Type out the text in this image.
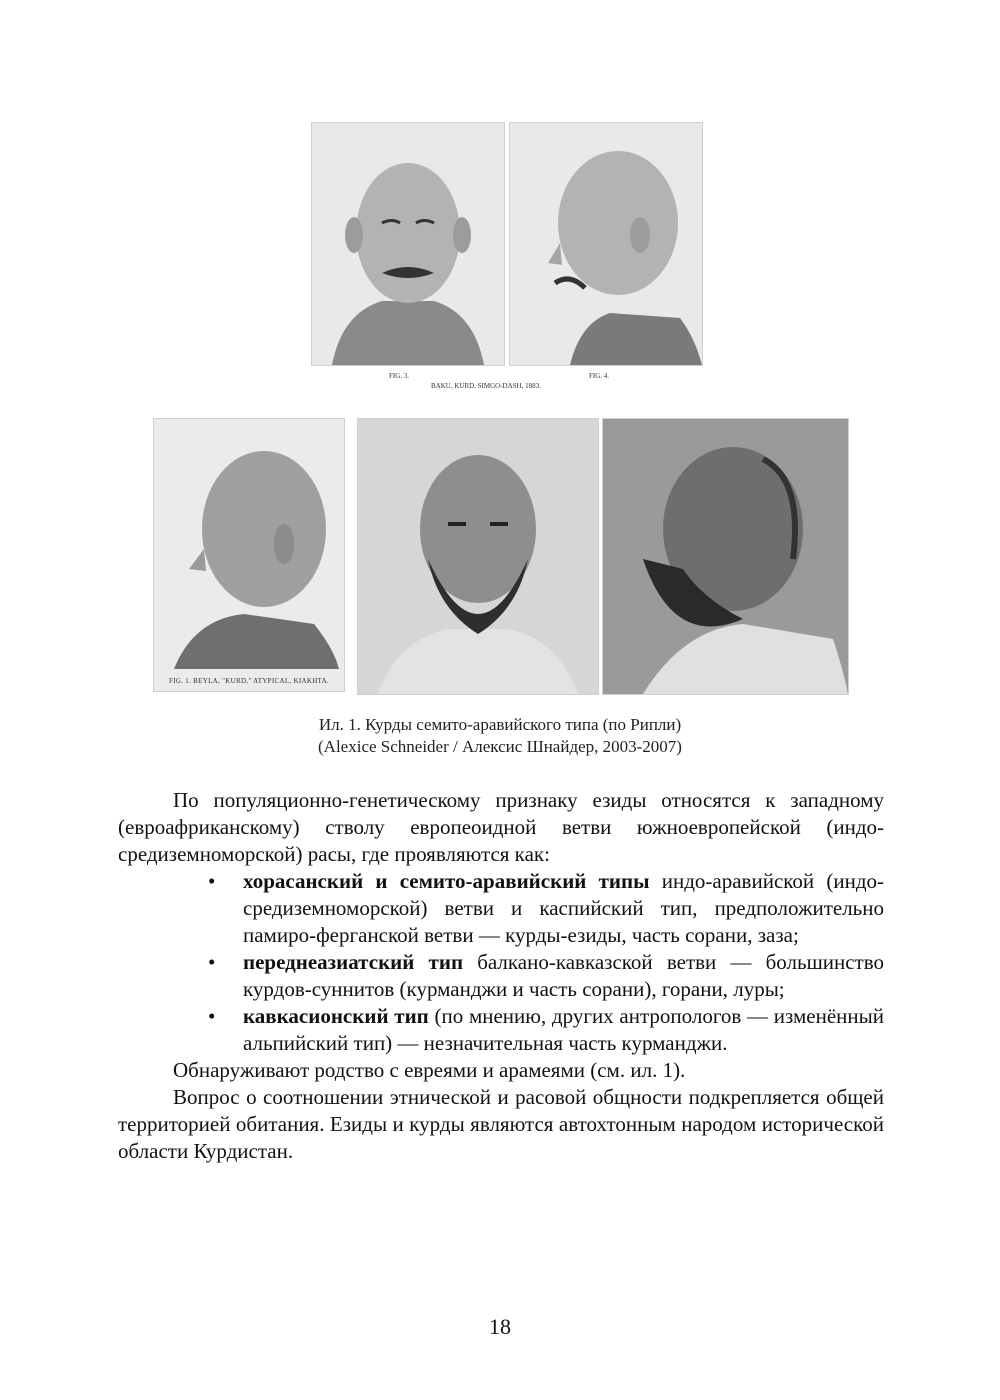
FIG. 3.	FIG. 4.
BAKU, KURD, SIMGO-DASH, 1883.
FIG. 1. BEYLA, "KURD," ATYPICAL, KIAKHTA.
Ил. 1. Курды семито-аравийского типа (по Рипли)
(Alexice Schneider / Алексис Шнайдер, 2003-2007)

По популяционно-генетическому признаку езиды относятся к западному (евроафриканскому) стволу европеоидной ветви южноевропейской (индо-средиземноморской) расы, где проявляются как:

• хорасанский и семито-аравийский типы индо-аравийской (индо-средиземноморской) ветви и каспийский тип, предположительно памиро-ферганской ветви — курды-езиды, часть сорани, заза;
• переднеазиатский тип балкано-кавказской ветви — большинство курдов-суннитов (курманджи и часть сорани), горани, луры;
• кавкасионский тип (по мнению, других антропологов — изменённый альпийский тип) — незначительная часть курманджи.

Обнаруживают родство с евреями и арамеями (см. ил. 1).

Вопрос о соотношении этнической и расовой общности подкрепляется общей территорией обитания. Езиды и курды являются автохтонным народом исторической области Курдистан.

18
